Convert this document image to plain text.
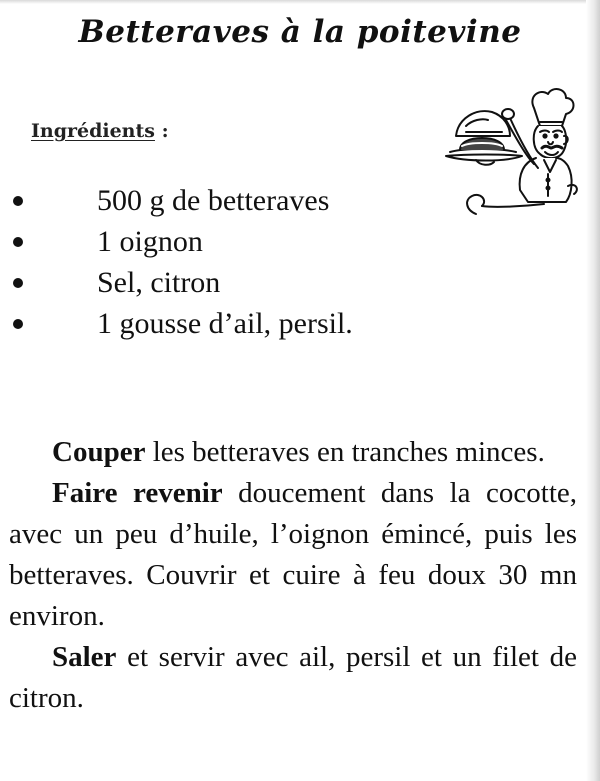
Betteraves à la poitevine
Ingrédients :
500 g de betteraves
1 oignon
Sel, citron
1 gousse d’ail, persil.

Couper les betteraves en tranches minces.

Faire revenir doucement dans la cocotte, avec un peu d’huile, l’oignon émincé, puis les betteraves. Couvrir et cuire à feu doux 30 mn environ.

Saler et servir avec ail, persil et un filet de citron.
